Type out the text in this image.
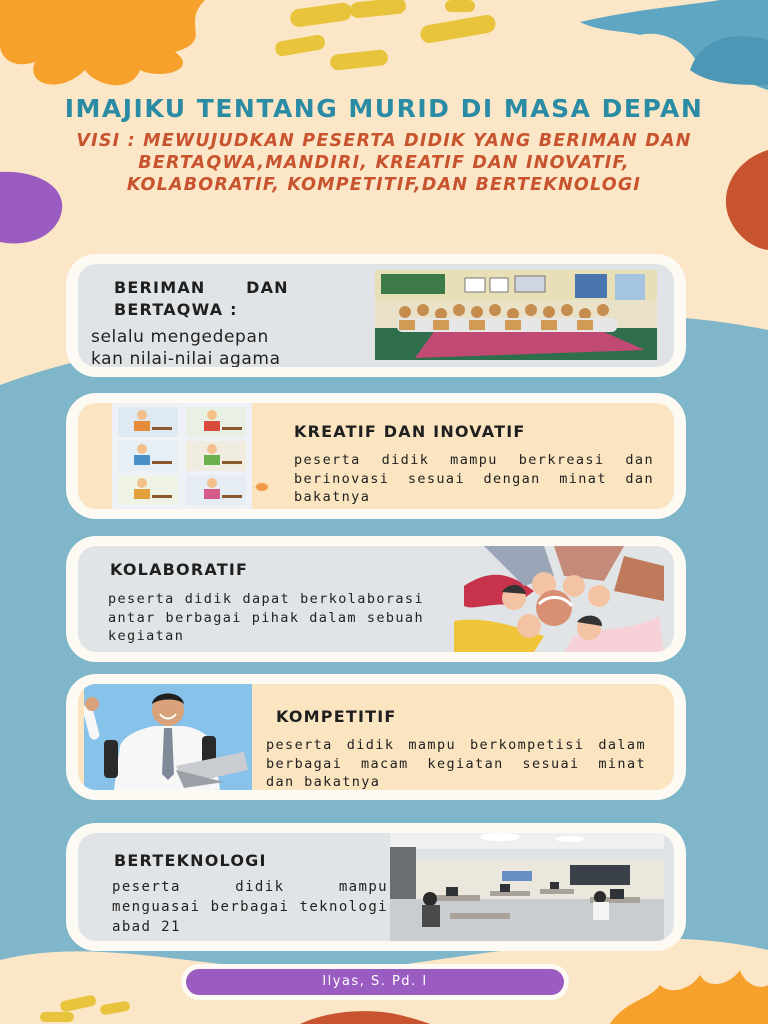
IMAJIKU TENTANG MURID DI MASA DEPAN
VISI : MEWUJUDKAN PESERTA DIDIK YANG BERIMAN DAN BERTAQWA,MANDIRI, KREATIF DAN INOVATIF, KOLABORATIF, KOMPETITIF,DAN BERTEKNOLOGI
BERIMAN      DAN
BERTAQWA :
selalu mengedepan
kan nilai-nilai agama
KREATIF DAN INOVATIF
peserta didik mampu berkreasi dan berinovasi sesuai dengan minat dan bakatnya
KOLABORATIF
peserta didik dapat berkolaborasi antar berbagai pihak dalam sebuah kegiatan
KOMPETITIF
peserta didik mampu berkompetisi dalam berbagai macam kegiatan sesuai minat dan bakatnya
BERTEKNOLOGI
peserta didik mampu menguasai berbagai teknologi abad 21
Ilyas, S. Pd. I
